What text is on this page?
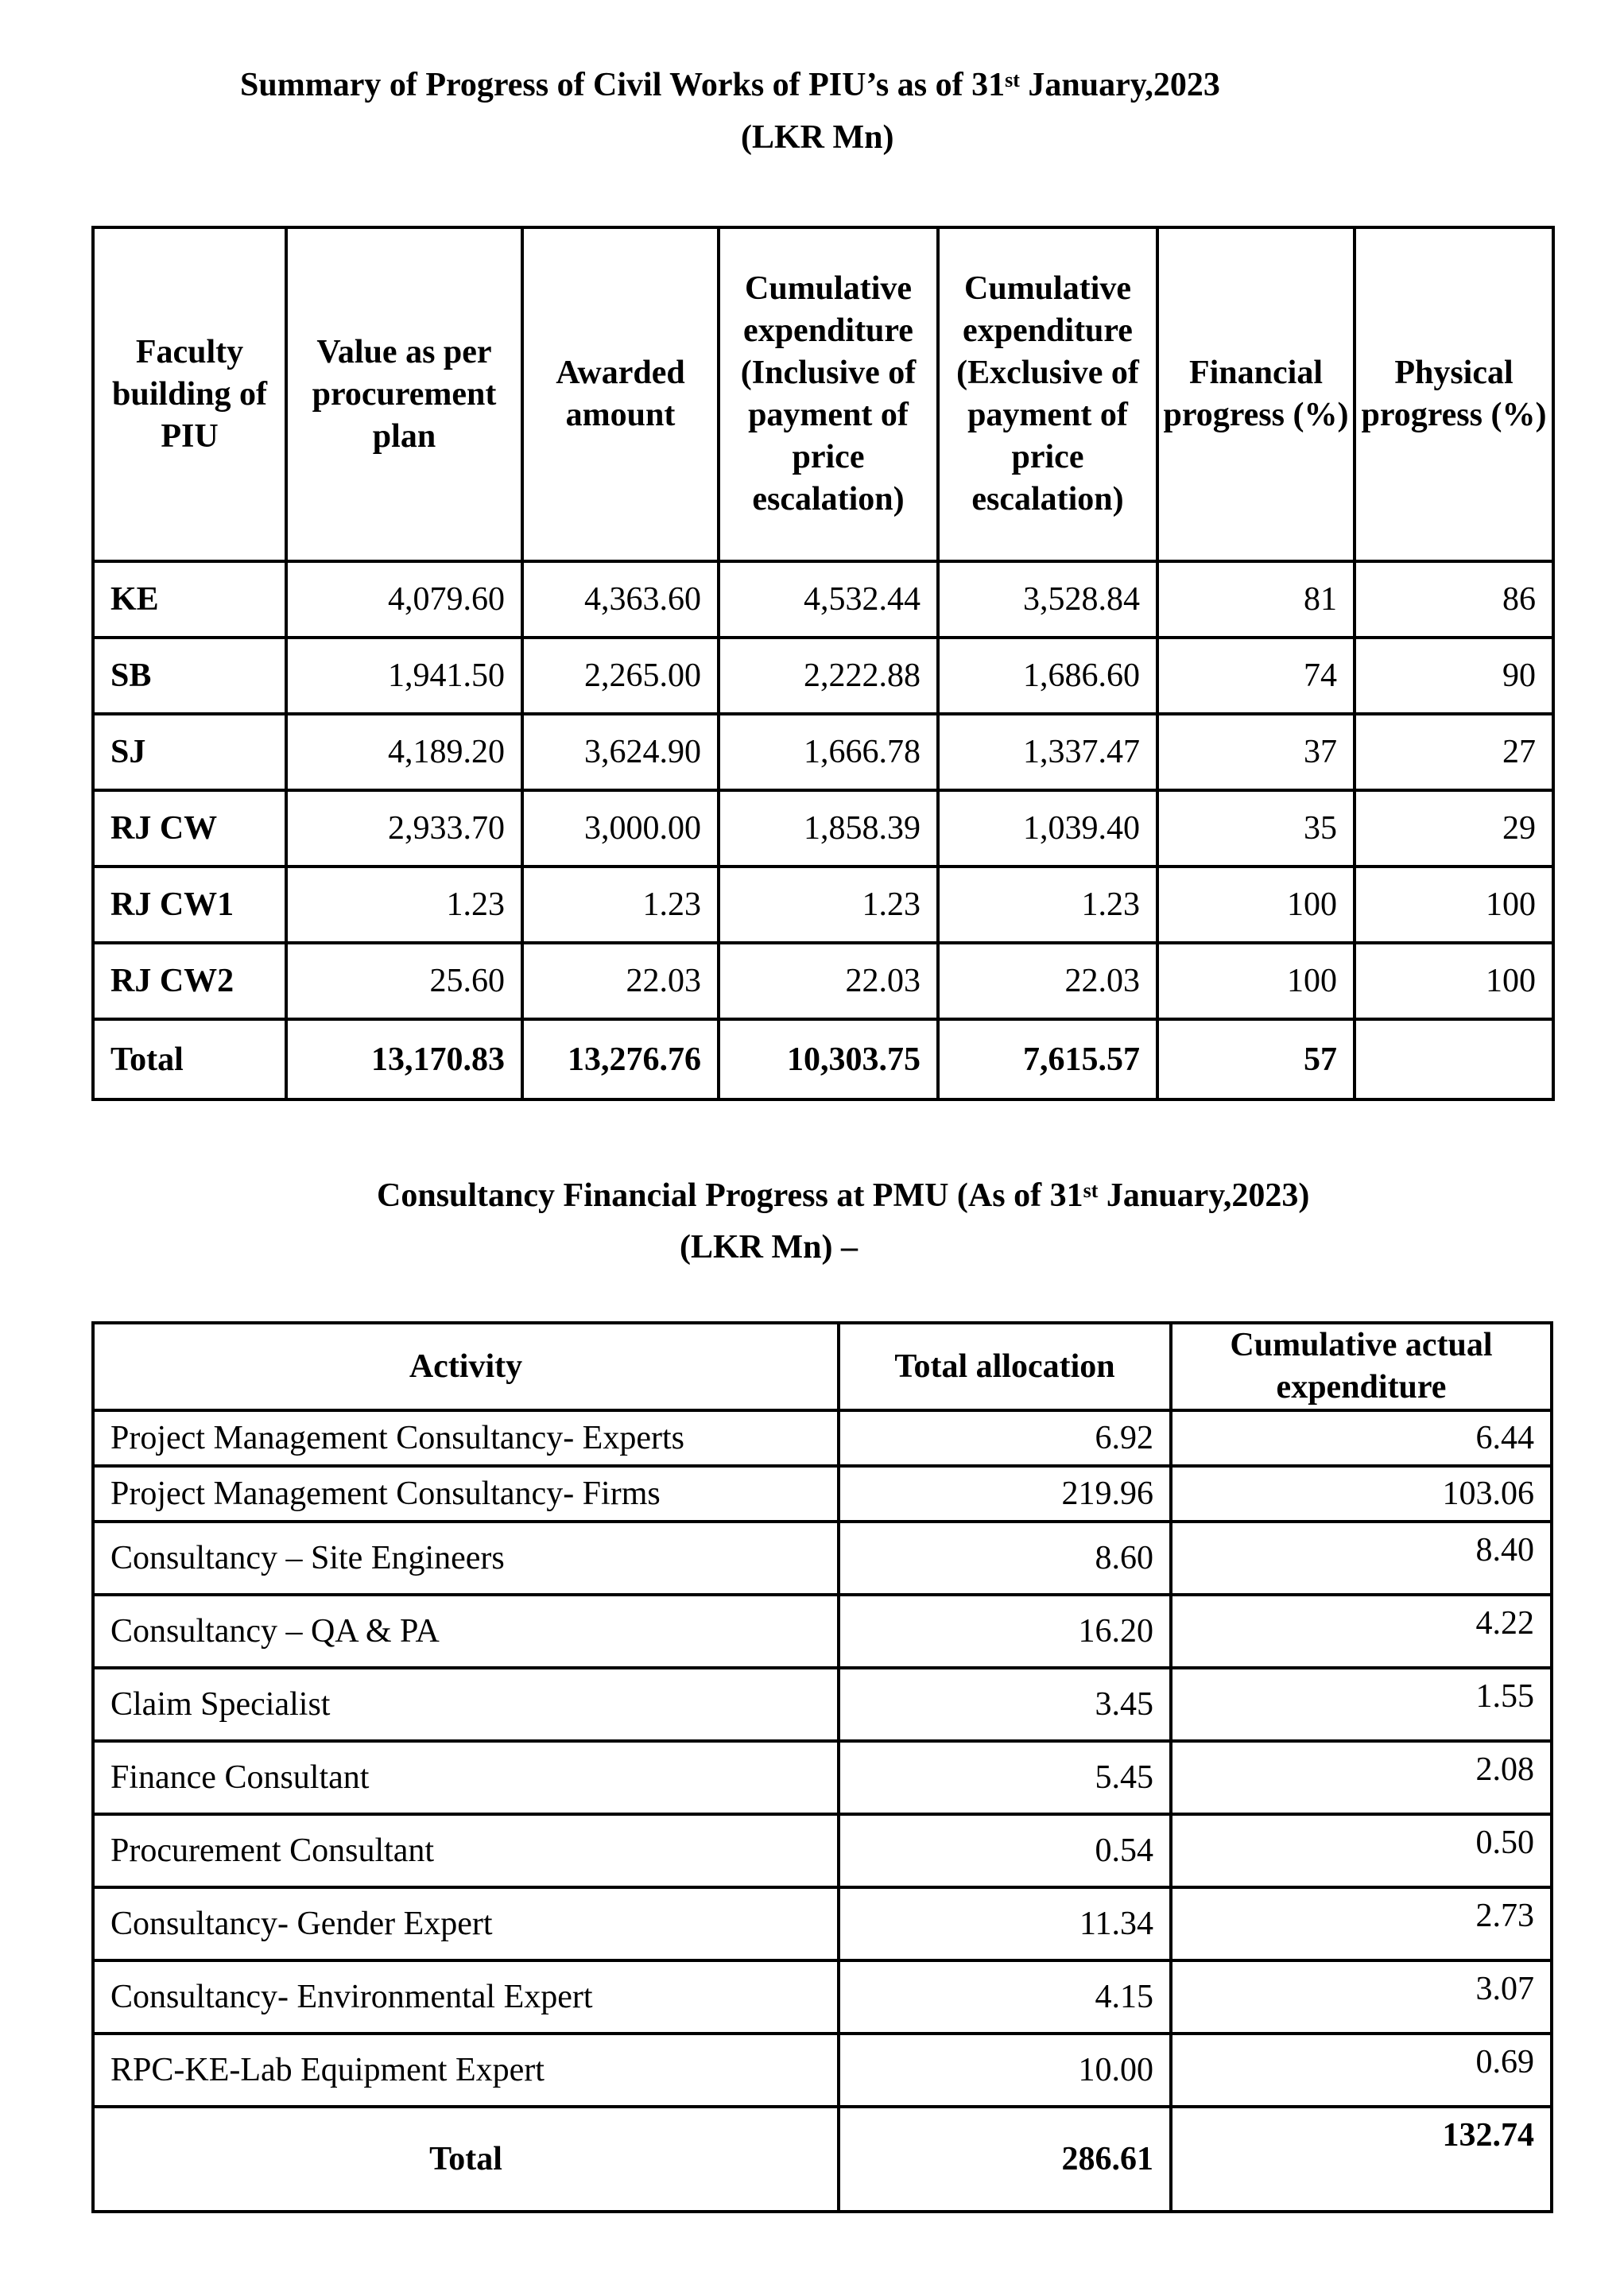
Summary of Progress of Civil Works of PIU’s as of 31st January,2023
(LKR Mn)
Faculty building of PIU	Value as per procurement plan	Awarded amount	Cumulative expenditure (Inclusive of payment of price escalation)	Cumulative expenditure (Exclusive of payment of price escalation)	Financial progress (%)	Physical progress (%)
KE	4,079.60	4,363.60	4,532.44	3,528.84	81	86
SB	1,941.50	2,265.00	2,222.88	1,686.60	74	90
SJ	4,189.20	3,624.90	1,666.78	1,337.47	37	27
RJ CW	2,933.70	3,000.00	1,858.39	1,039.40	35	29
RJ CW1	1.23	1.23	1.23	1.23	100	100
RJ CW2	25.60	22.03	22.03	22.03	100	100
Total	13,170.83	13,276.76	10,303.75	7,615.57	57	
Consultancy Financial Progress at PMU (As of 31st January,2023)
(LKR Mn) –
Activity	Total allocation	Cumulative actual expenditure
Project Management Consultancy- Experts	6.92	6.44
Project Management Consultancy- Firms	219.96	103.06
Consultancy – Site Engineers	8.60	8.40
Consultancy – QA & PA	16.20	4.22
Claim Specialist	3.45	1.55
Finance Consultant	5.45	2.08
Procurement Consultant	0.54	0.50
Consultancy- Gender Expert	11.34	2.73
Consultancy- Environmental Expert	4.15	3.07
RPC-KE-Lab Equipment Expert	10.00	0.69
Total	286.61	132.74
